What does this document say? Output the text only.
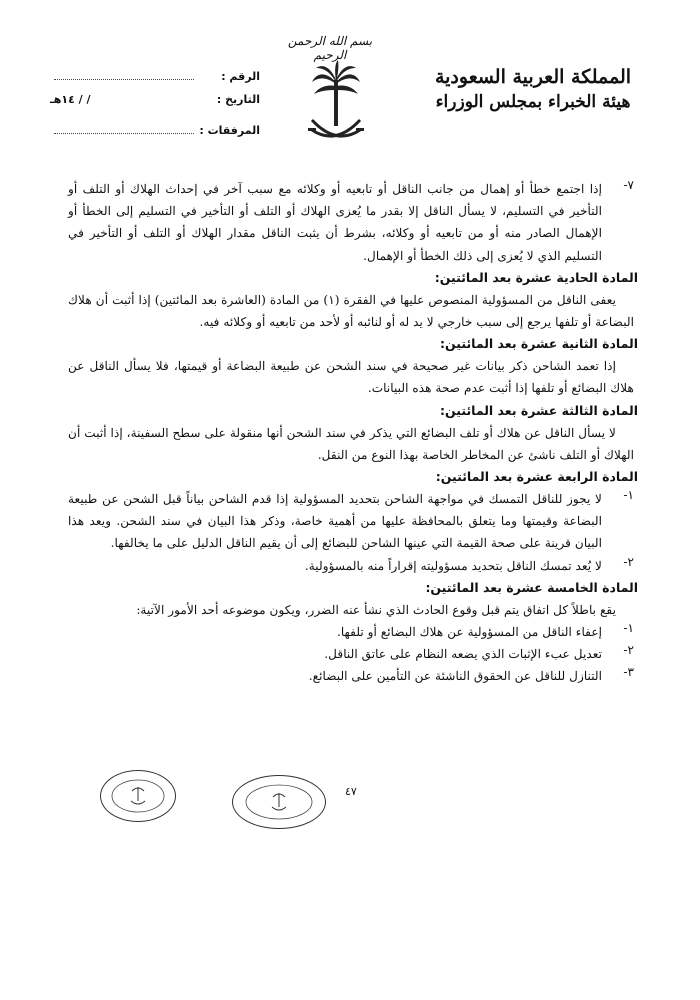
بسم الله الرحمن الرحيم
المملكة العربية السعودية
هيئة الخبراء بمجلس الوزراء
الرقم :
التاريخ :
/ / ١٤هـ
المرفقات :
٧-
إذا اجتمع خطأ أو إهمال من جانب الناقل أو تابعيه أو وكلائه مع سبب آخر في إحداث الهلاك أو التلف أو التأخير في التسليم، لا يسأل الناقل إلا بقدر ما يُعزى الهلاك أو التلف أو التأخير في التسليم إلى الخطأ أو الإهمال الصادر منه أو من تابعيه أو وكلائه، بشرط أن يثبت الناقل مقدار الهلاك أو التلف أو التأخير في التسليم الذي لا يُعزى إلى ذلك الخطأ أو الإهمال.
المادة الحادية عشرة بعد المائتين:
يعفى الناقل من المسؤولية المنصوص عليها في الفقرة (١) من المادة (العاشرة بعد المائتين) إذا أثبت أن هلاك البضاعة أو تلفها يرجع إلى سبب خارجي لا يد له أو لنائبه أو لأحد من تابعيه أو وكلائه فيه.
المادة الثانية عشرة بعد المائتين:
إذا تعمد الشاحن ذكر بيانات غير صحيحة في سند الشحن عن طبيعة البضاعة أو قيمتها، فلا يسأل الناقل عن هلاك البضائع أو تلفها إذا أثبت عدم صحة هذه البيانات.
المادة الثالثة عشرة بعد المائتين:
لا يسأل الناقل عن هلاك أو تلف البضائع التي يذكر في سند الشحن أنها منقولة على سطح السفينة، إذا أثبت أن الهلاك أو التلف ناشئ عن المخاطر الخاصة بهذا النوع من النقل.
المادة الرابعة عشرة بعد المائتين:
١-
لا يجوز للناقل التمسك في مواجهة الشاحن بتحديد المسؤولية إذا قدم الشاحن بياناً قبل الشحن عن طبيعة البضاعة وقيمتها وما يتعلق بالمحافظة عليها من أهمية خاصة، وذكر هذا البيان في سند الشحن. ويعد هذا البيان قرينة على صحة القيمة التي عينها الشاحن للبضائع إلى أن يقيم الناقل الدليل على ما يخالفها.
٢-
لا يُعد تمسك الناقل بتحديد مسؤوليته إقراراً منه بالمسؤولية.
المادة الخامسة عشرة بعد المائتين:
يقع باطلاً كل اتفاق يتم قبل وقوع الحادث الذي نشأ عنه الضرر، ويكون موضوعه أحد الأمور الآتية:
١-
إعفاء الناقل من المسؤولية عن هلاك البضائع أو تلفها.
٢-
تعديل عبء الإثبات الذي يضعه النظام على عاتق الناقل.
٣-
التنازل للناقل عن الحقوق الناشئة عن التأمين على البضائع.
٤٧
